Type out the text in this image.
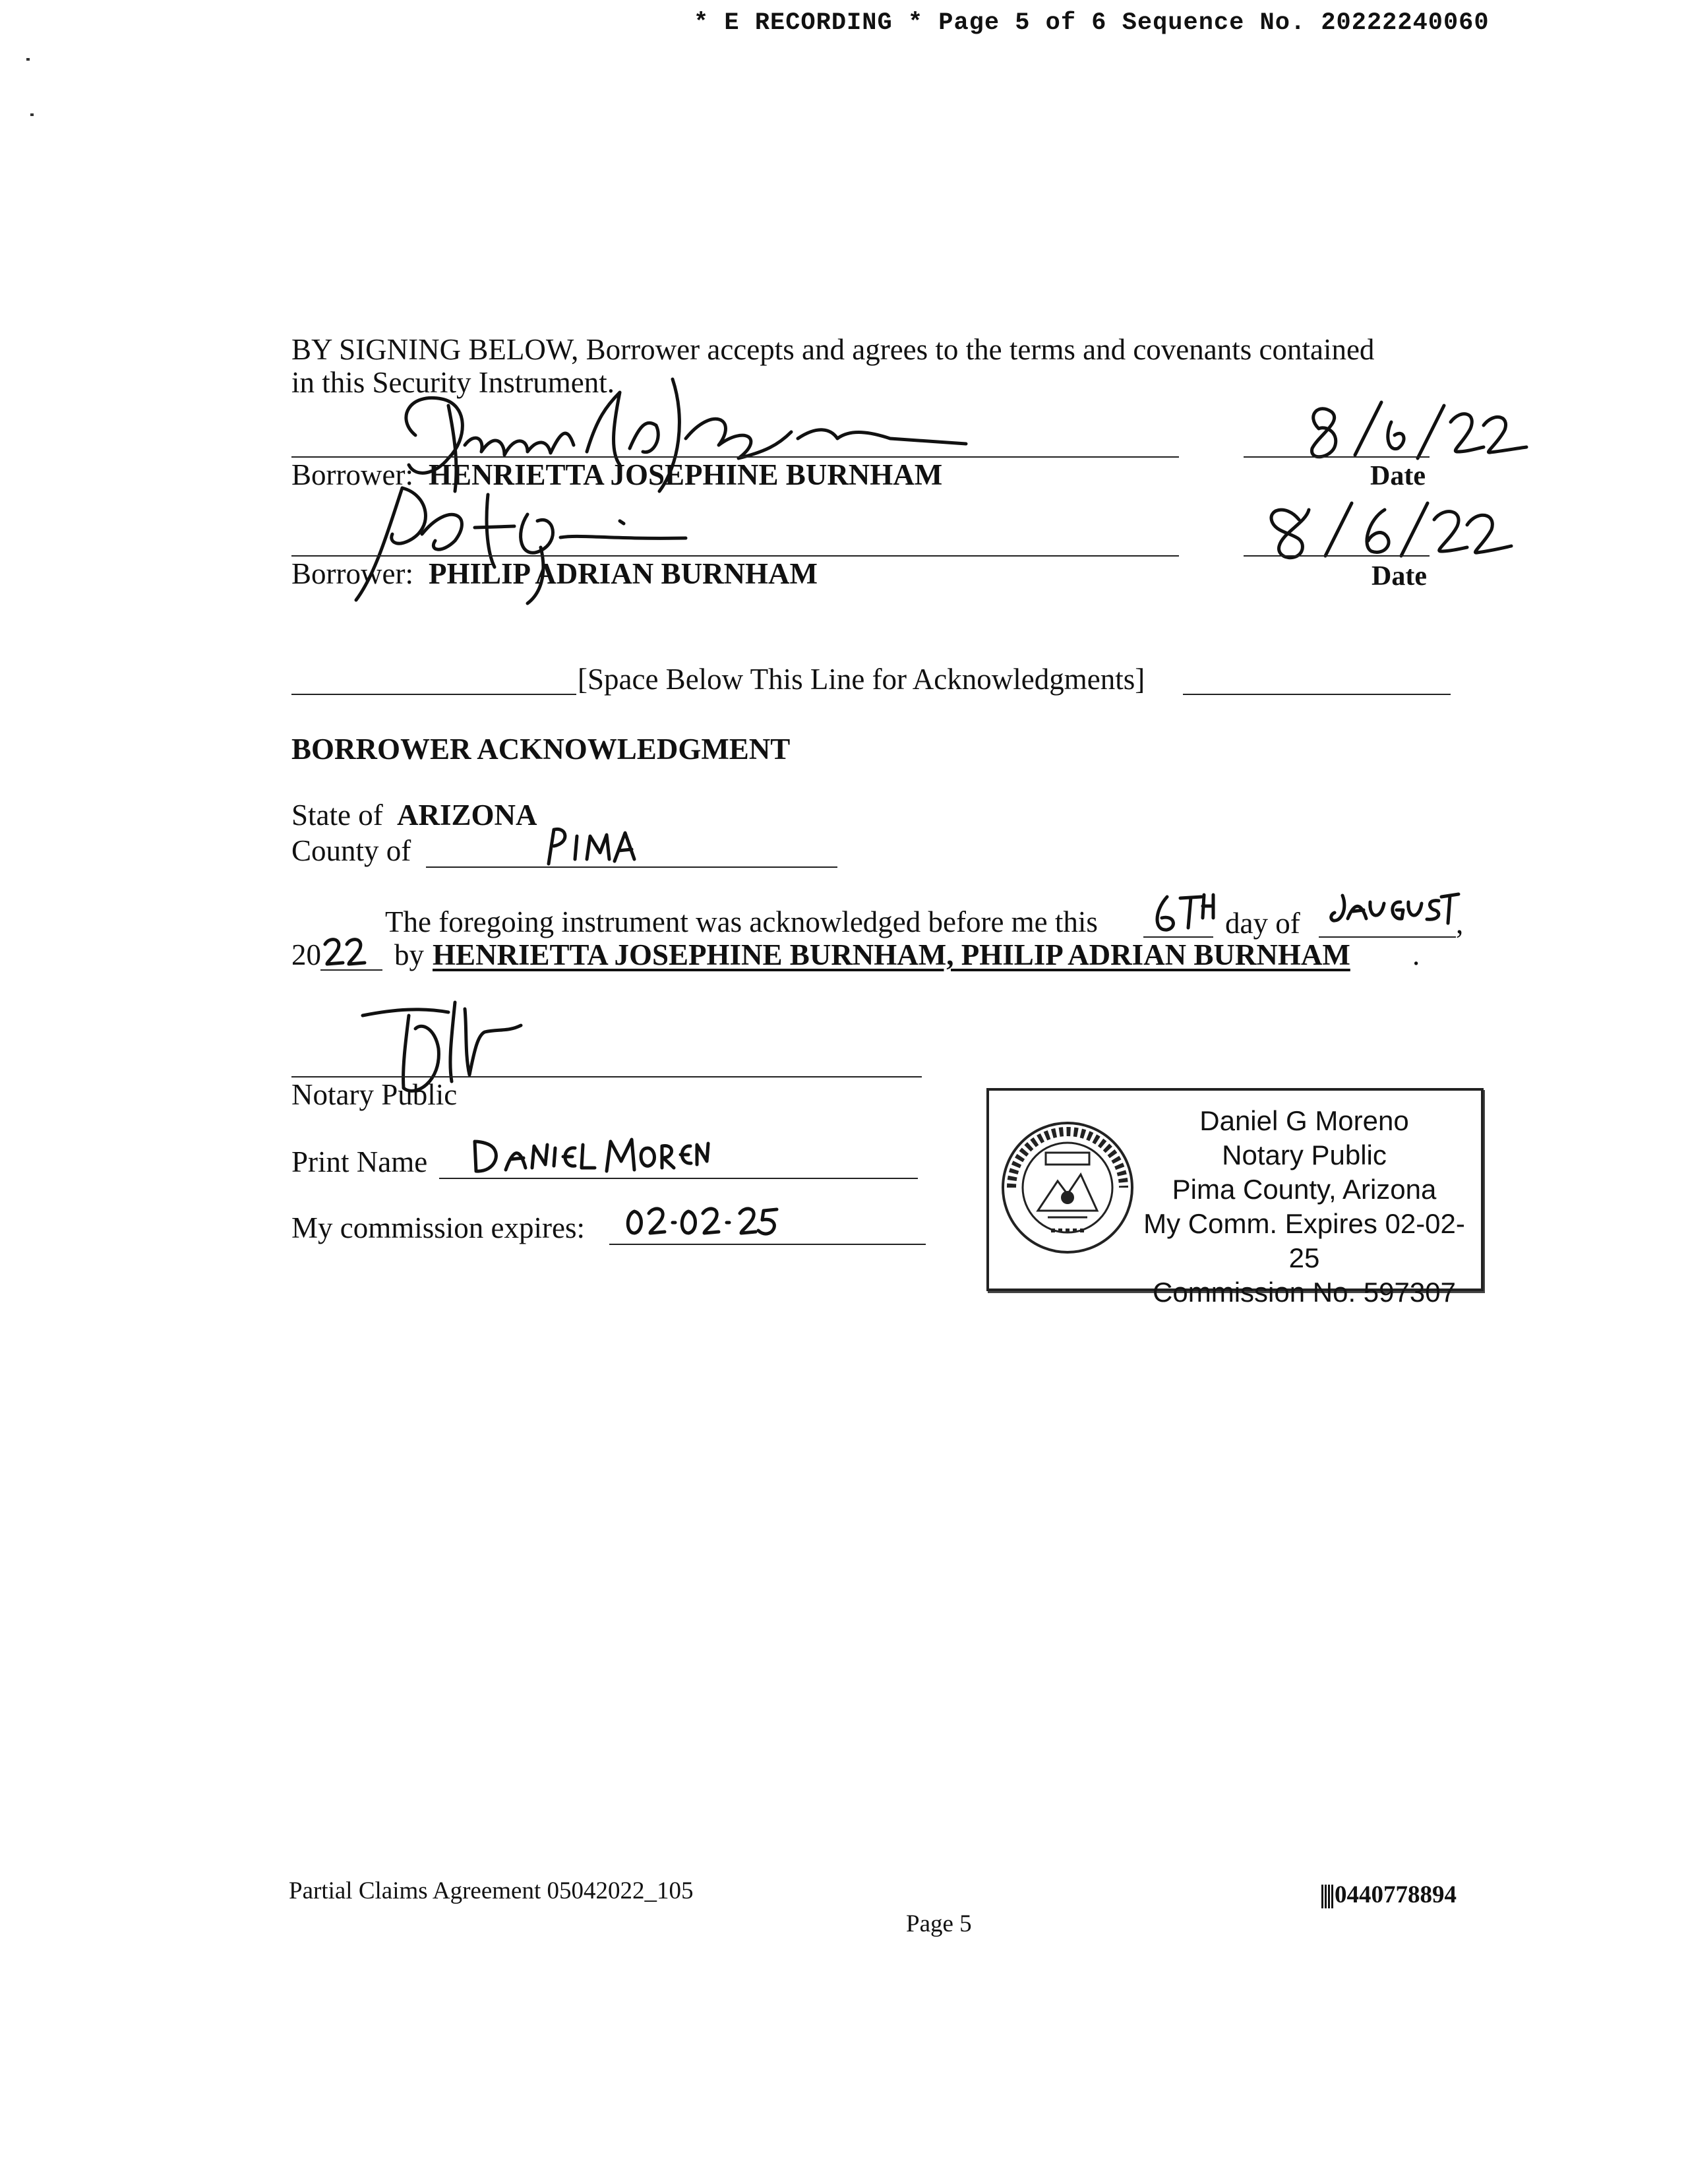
* E RECORDING * Page 5 of 6 Sequence No. 20222240060
BY SIGNING BELOW, Borrower accepts and agrees to the terms and covenants contained
in this Security Instrument.
Borrower: HENRIETTA JOSEPHINE BURNHAM	Date
Borrower: PHILIP ADRIAN BURNHAM	Date
[Space Below This Line for Acknowledgments]
BORROWER ACKNOWLEDGMENT
State of ARIZONA
County of
The foregoing instrument was acknowledged before me this	day of	,
20 by HENRIETTA JOSEPHINE BURNHAM, PHILIP ADRIAN BURNHAM .
Notary Public
Print Name
My commission expires:
Daniel G Moreno
Notary Public
Pima County, Arizona
My Comm. Expires 02-02-25
Commission No. 597307
Partial Claims Agreement 05042022_105	0440778894
Page 5
